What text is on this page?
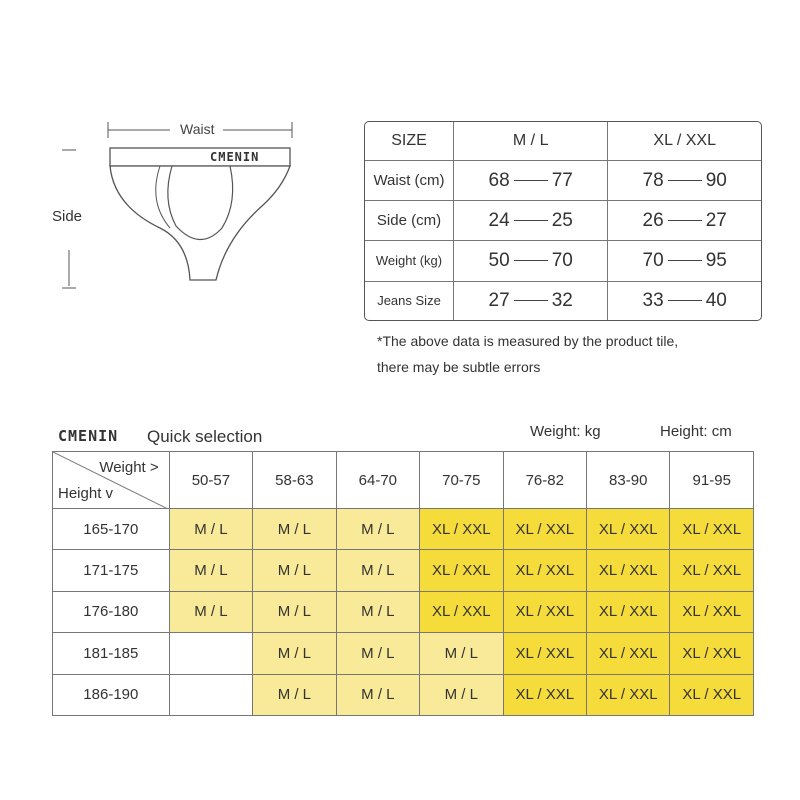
Waist
Side
CMENIN
SIZE	M / L	XL / XXL
Waist (cm)	68 77	78 90

Side (cm)	24 25	26 27

Weight (kg)	50 70	70 95

Jeans Size	27 32	33 40
*The above data is measured by the product tile,
there may be subtle errors
CMENIN Quick selection	Weight: kg	Height: cm
Weight >
Height v	50-57	58-63	64-70	70-75	76-82	83-90	91-95
165-170	M / L	M / L	M / L	XL / XXL	XL / XXL	XL / XXL	XL / XXL
171-175	M / L	M / L	M / L	XL / XXL	XL / XXL	XL / XXL	XL / XXL
176-180	M / L	M / L	M / L	XL / XXL	XL / XXL	XL / XXL	XL / XXL
181-185		M / L	M / L	M / L	XL / XXL	XL / XXL	XL / XXL
186-190		M / L	M / L	M / L	XL / XXL	XL / XXL	XL / XXL
